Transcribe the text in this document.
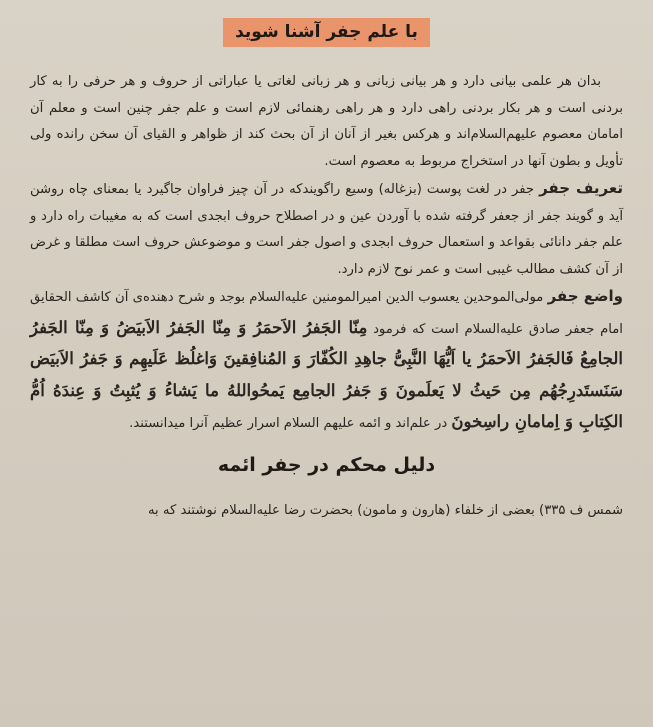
با علم جفر آشنا شوید

بدان هر علمی بیانی دارد و هر بیانی زبانی و هر زبانی لغاتی یا عباراتی از حروف و هر حرفی را به کار بردنی است و هر بکار بردنی راهی دارد و هر راهی رهنمائی لازم است و علم جفر چنین است و معلم آن امامان معصوم علیهم‌السلام‌اند و هرکس بغیر از آنان از آن بحث کند از ظواهر و القیای آن سخن رانده ولی تأویل و بطون آنها در استخراج مربوط به معصوم است.

تعریف جفر جفر در لغت پوست (بزغاله) وسیع راگویندکه در آن چیز فراوان جاگیرد یا بمعنای چاه روشن آید و گویند جفر از جعفر گرفته شده با آوردن عین و در اصطلاح حروف ابجدی است که به مغیبات راه دارد و علم جفر دانائی بقواعد و استعمال حروف ابجدی و اصول جفر است و موضوعش حروف است مطلقا و غرض از آن کشف مطالب غیبی است و عمر نوح لازم دارد.

واضع جفر مولی‌الموحدین یعسوب الدین امیرالمومنین علیه‌السلام بوجد و شرح دهنده‌ی آن کاشف الحقایق امام جعفر صادق علیه‌السلام است که فرمود مِنّا الجَفرُ الاَحمَرُ وَ مِنّا الجَفرُ الاَبیَضُ وَ مِنّا الجَفرُ الجامِعُ فَالجَفرُ الاَحمَرُ یا اَیُّهَا النَّبِیُّ جاهِدِ الکُفّارَ وَ المُنافِقینَ وَاغلُظ عَلَیهِم وَ جَفرُ الاَبیَض سَنَستَدرِجُهُم مِن حَیثُ لا یَعلَمونَ وَ جَفرُ الجامِع یَمحُواللهُ ما یَشاءُ وَ یُثبِتُ وَ عِندَهُ اُمُّ الکِتابِ وَ اِمامانِ راسِخونَ در علم‌اند و ائمه علیهم السلام اسرار عظیم آنرا میدانستند.

دلیل محکم در جفر ائمه

شمس ف ۳۳۵) بعضی از خلفاء (هارون و مامون) بحضرت رضا علیه‌السلام نوشتند که به
